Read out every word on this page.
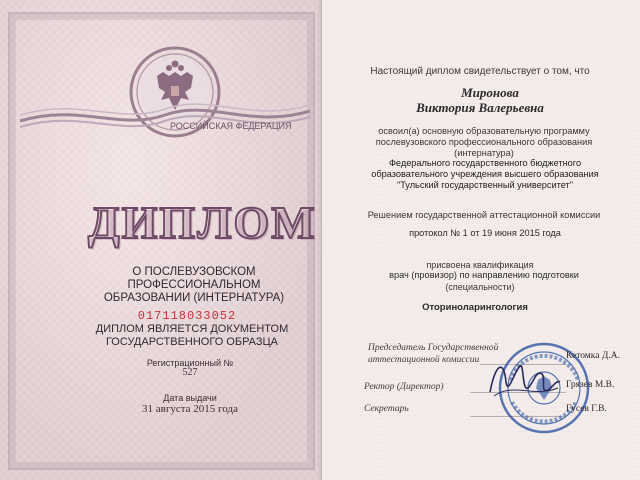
РОССИЙСКАЯ ФЕДЕРАЦИЯ
ДИПЛОМ
О ПОСЛЕВУЗОВСКОМ ПРОФЕССИОНАЛЬНОМ ОБРАЗОВАНИИ (ИНТЕРНАТУРА)
017118033052
ДИПЛОМ ЯВЛЯЕТСЯ ДОКУМЕНТОМ ГОСУДАРСТВЕННОГО ОБРАЗЦА
Регистрационный №
527
Дата выдачи
31 августа 2015 года
Настоящий диплом свидетельствует о том, что
Миронова
Виктория Валерьевна
освоил(а) основную образовательную программу послевузовского профессионального образования (интернатура)
Федерального государственного бюджетного образовательного учреждения высшего образования "Тульский государственный университет"
Решением государственной аттестационной комиссии
протокол № 1 от 19 июня 2015 года
присвоена квалификация
врач (провизор) по направлению подготовки
(специальности)
Оториноларингология
Председатель Государственной аттестационной комиссии
Ректор (Директор)
Секретарь
Кетомка Д.А.
Грязев М.В.
Гусев Г.В.
